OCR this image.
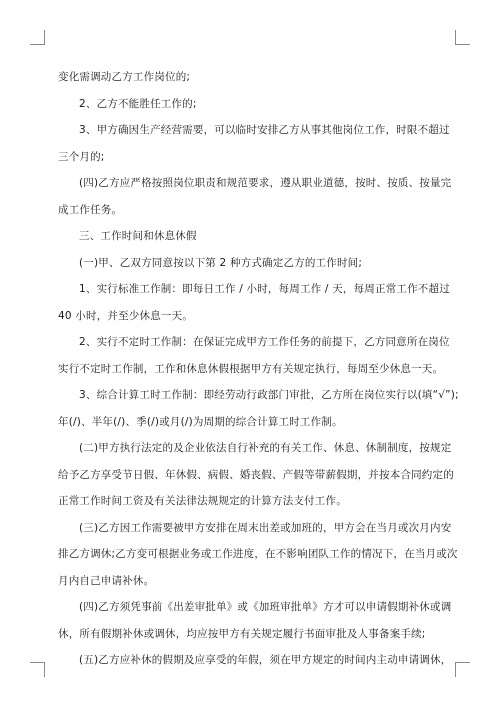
变化需调动乙方工作岗位的;
2、乙方不能胜任工作的;
3、甲方确因生产经营需要，可以临时安排乙方从事其他岗位工作，时限不超过
三个月的;
(四)乙方应严格按照岗位职责和规范要求，遵从职业道德，按时、按质、按量完
成工作任务。
三、工作时间和休息休假
(一)甲、乙双方同意按以下第 2 种方式确定乙方的工作时间;
1、实行标准工作制：即每日工作 / 小时，每周工作 / 天，每周正常工作不超过
40 小时，并至少休息一天。
2、实行不定时工作制：在保证完成甲方工作任务的前提下，乙方同意所在岗位
实行不定时工作制，工作和休息休假根据甲方有关规定执行，每周至少休息一天。
3、综合计算工时工作制：即经劳动行政部门审批，乙方所在岗位实行以(填“√”);
年(/)、半年(/)、季(/)或月(/)为周期的综合计算工时工作制。
(二)甲方执行法定的及企业依法自行补充的有关工作、休息、休制制度，按规定
给予乙方享受节日假、年休假、病假、婚丧假、产假等带薪假期，并按本合同约定的
正常工作时间工资及有关法律法规规定的计算方法支付工作。
(三)乙方因工作需要被甲方安排在周末出差或加班的，甲方会在当月或次月内安
排乙方调休;乙方变可根据业务或工作进度，在不影响团队工作的情况下，在当月或次
月内自己申请补休。
(四)乙方须凭事前《出差审批单》或《加班审批单》方才可以申请假期补休或调
休，所有假期补休或调休，均应按甲方有关规定履行书面审批及人事备案手续;
(五)乙方应补休的假期及应享受的年假，须在甲方规定的时间内主动申请调休，
